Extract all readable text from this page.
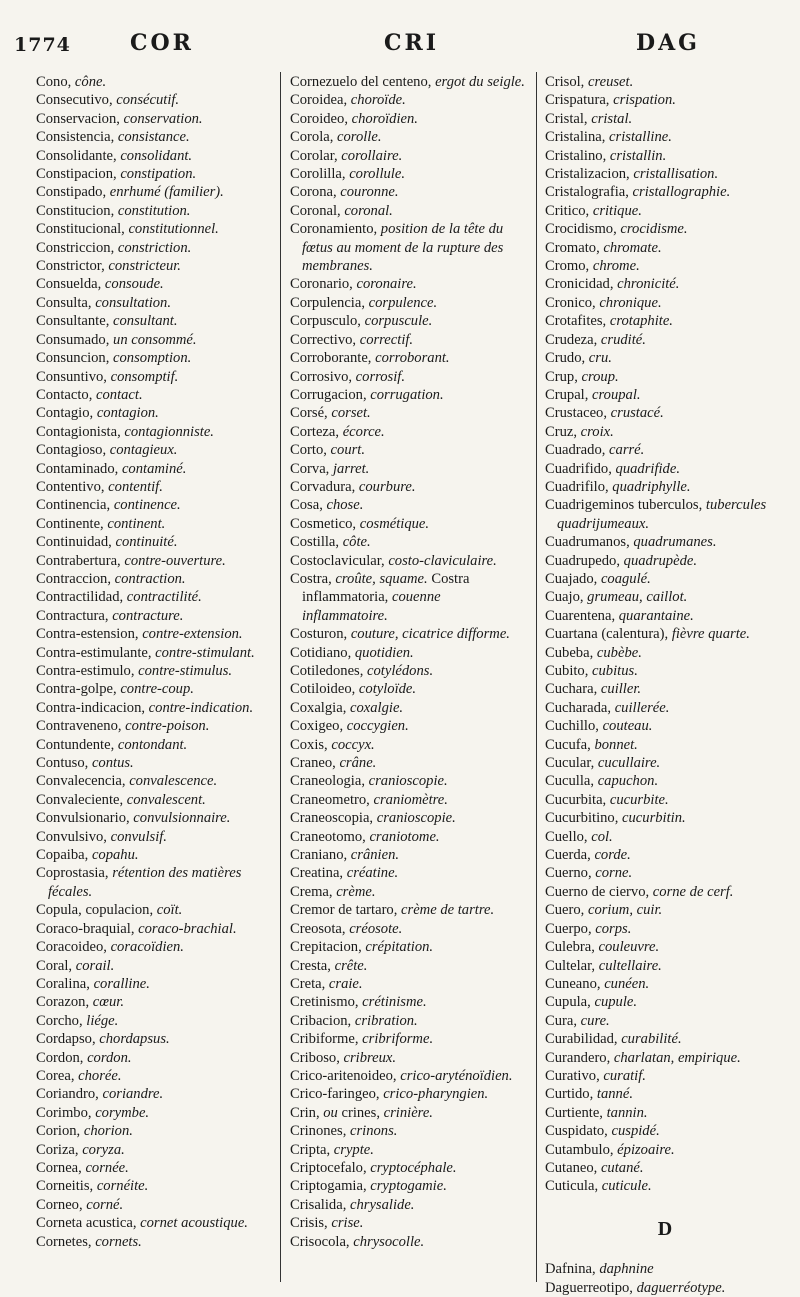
1774	COR	CRI	DAG
Cono, cône.
Consecutivo, consécutif.
Conservacion, conservation.
Consistencia, consistance.
Consolidante, consolidant.
Constipacion, constipation.
Constipado, enrhumé (familier).
Constitucion, constitution.
Constitucional, constitutionnel.
Constriccion, constriction.
Constrictor, constricteur.
Consuelda, consoude.
Consulta, consultation.
Consultante, consultant.
Consumado, un consommé.
Consuncion, consomption.
Consuntivo, consomptif.
Contacto, contact.
Contagio, contagion.
Contagionista, contagionniste.
Contagioso, contagieux.
Contaminado, contaminé.
Contentivo, contentif.
Continencia, continence.
Continente, continent.
Continuidad, continuité.
Contrabertura, contre-ouverture.
Contraccion, contraction.
Contractilidad, contractilité.
Contractura, contracture.
Contra-estension, contre-extension.
Contra-estimulante, contre-stimulant.
Contra-estimulo, contre-stimulus.
Contra-golpe, contre-coup.
Contra-indicacion, contre-indication.
Contraveneno, contre-poison.
Contundente, contondant.
Contuso, contus.
Convalecencia, convalescence.
Convaleciente, convalescent.
Convulsionario, convulsionnaire.
Convulsivo, convulsif.
Copaiba, copahu.
Coprostasia, rétention des matières fécales.
Copula, copulacion, coït.
Coraco-braquial, coraco-brachial.
Coracoideo, coracoïdien.
Coral, corail.
Coralina, coralline.
Corazon, cœur.
Corcho, liége.
Cordapso, chordapsus.
Cordon, cordon.
Corea, chorée.
Coriandro, coriandre.
Corimbo, corymbe.
Corion, chorion.
Coriza, coryza.
Cornea, cornée.
Corneitis, cornéite.
Corneo, corné.
Corneta acustica, cornet acoustique.
Cornetes, cornets.
Cornezuelo del centeno, ergot du seigle.
Coroidea, choroïde.
Coroideo, choroïdien.
Corola, corolle.
Corolar, corollaire.
Corolilla, corollule.
Corona, couronne.
Coronal, coronal.
Coronamiento, position de la tête du fœtus au moment de la rupture des membranes.
Coronario, coronaire.
Corpulencia, corpulence.
Corpusculo, corpuscule.
Correctivo, correctif.
Corroborante, corroborant.
Corrosivo, corrosif.
Corrugacion, corrugation.
Corsé, corset.
Corteza, écorce.
Corto, court.
Corva, jarret.
Corvadura, courbure.
Cosa, chose.
Cosmetico, cosmétique.
Costilla, côte.
Costoclavicular, costo-claviculaire.
Costra, croûte, squame. Costra inflammatoria, couenne inflammatoire.
Costuron, couture, cicatrice difforme.
Cotidiano, quotidien.
Cotiledones, cotylédons.
Cotiloideo, cotyloïde.
Coxalgia, coxalgie.
Coxigeo, coccygien.
Coxis, coccyx.
Craneo, crâne.
Craneologia, cranioscopie.
Craneometro, craniomètre.
Craneoscopia, cranioscopie.
Craneotomo, craniotome.
Craniano, crânien.
Creatina, créatine.
Crema, crème.
Cremor de tartaro, crème de tartre.
Creosota, créosote.
Crepitacion, crépitation.
Cresta, crête.
Creta, craie.
Cretinismo, crétinisme.
Cribacion, cribration.
Cribiforme, cribriforme.
Criboso, cribreux.
Crico-aritenoideo, crico-aryténoïdien.
Crico-faringeo, crico-pharyngien.
Crin, ou crines, crinière.
Crinones, crinons.
Cripta, crypte.
Criptocefalo, cryptocéphale.
Criptogamia, cryptogamie.
Crisalida, chrysalide.
Crisis, crise.
Crisocola, chrysocolle.
Crisol, creuset.
Crispatura, crispation.
Cristal, cristal.
Cristalina, cristalline.
Cristalino, cristallin.
Cristalizacion, cristallisation.
Cristalografia, cristallographie.
Critico, critique.
Crocidismo, crocidisme.
Cromato, chromate.
Cromo, chrome.
Cronicidad, chronicité.
Cronico, chronique.
Crotafites, crotaphite.
Crudeza, crudité.
Crudo, cru.
Crup, croup.
Crupal, croupal.
Crustaceo, crustacé.
Cruz, croix.
Cuadrado, carré.
Cuadrifido, quadrifide.
Cuadrifilo, quadriphylle.
Cuadrigeminos tuberculos, tubercules quadrijumeaux.
Cuadrumanos, quadrumanes.
Cuadrupedo, quadrupède.
Cuajado, coagulé.
Cuajo, grumeau, caillot.
Cuarentena, quarantaine.
Cuartana (calentura), fièvre quarte.
Cubeba, cubèbe.
Cubito, cubitus.
Cuchara, cuiller.
Cucharada, cuillerée.
Cuchillo, couteau.
Cucufa, bonnet.
Cucular, cucullaire.
Cuculla, capuchon.
Cucurbita, cucurbite.
Cucurbitino, cucurbitin.
Cuello, col.
Cuerda, corde.
Cuerno, corne.
Cuerno de ciervo, corne de cerf.
Cuero, corium, cuir.
Cuerpo, corps.
Culebra, couleuvre.
Cultelar, cultellaire.
Cuneano, cunéen.
Cupula, cupule.
Cura, cure.
Curabilidad, curabilité.
Curandero, charlatan, empirique.
Curativo, curatif.
Curtido, tanné.
Curtiente, tannin.
Cuspidato, cuspidé.
Cutambulo, épizoaire.
Cutaneo, cutané.
Cuticula, cuticule.
D
Dafnina, daphnine
Daguerreotipo, daguerréotype.
